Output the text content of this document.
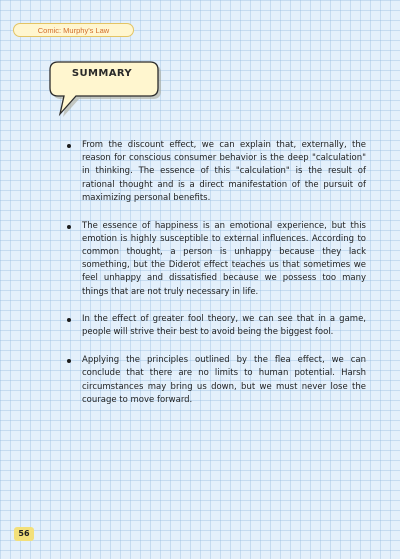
Comic: Murphy's Law
SUMMARY
From the discount effect, we can explain that, externally, the reason for conscious consumer behavior is the deep "calculation" in thinking. The essence of this "calculation" is the result of rational thought and is a direct manifestation of the pursuit of maximizing personal benefits.
The essence of happiness is an emotional experience, but this emotion is highly susceptible to external influences. According to common thought, a person is unhappy because they lack something, but the Diderot effect teaches us that sometimes we feel unhappy and dissatisfied because we possess too many things that are not truly necessary in life.
In the effect of greater fool theory, we can see that in a game, people will strive their best to avoid being the biggest fool.
Applying the principles outlined by the flea effect, we can conclude that there are no limits to human potential. Harsh circumstances may bring us down, but we must never lose the courage to move forward.
56
